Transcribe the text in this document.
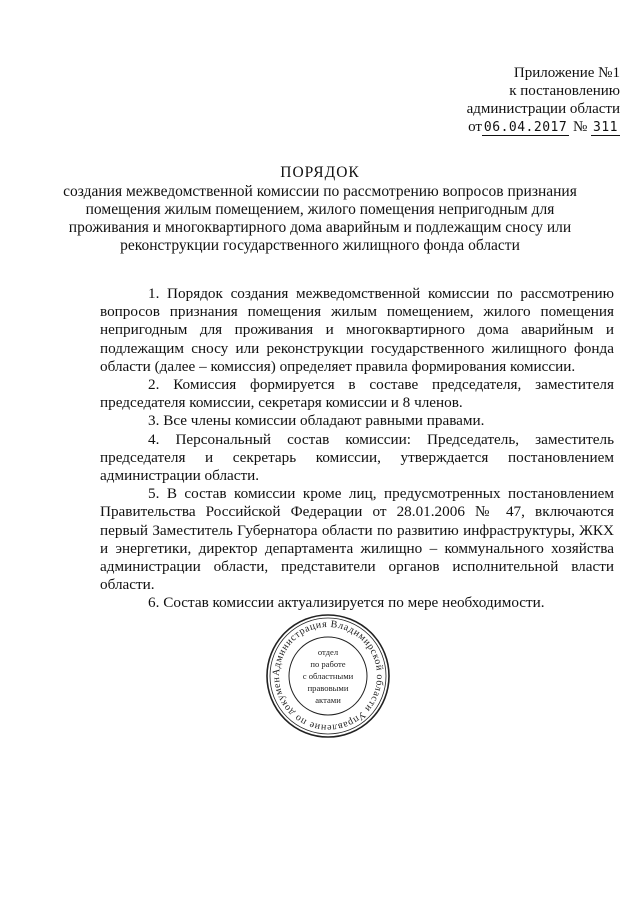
Приложение №1
к постановлению
администрации области
от 06.04.2017 № 311
ПОРЯДОК
создания межведомственной комиссии по рассмотрению вопросов признания помещения жилым помещением, жилого помещения непригодным для проживания и многоквартирного дома аварийным и подлежащим сносу или реконструкции государственного жилищного фонда области

1. Порядок создания межведомственной комиссии по рассмотрению вопросов признания помещения жилым помещением, жилого помещения непригодным для проживания и многоквартирного дома аварийным и подлежащим сносу или реконструкции государственного жилищного фонда области (далее – комиссия) определяет правила формирования комиссии.

2. Комиссия формируется в составе председателя, заместителя председателя комиссии, секретаря комиссии и 8 членов.

3. Все члены комиссии обладают равными правами.

4. Персональный состав комиссии: Председатель, заместитель председателя и секретарь комиссии, утверждается постановлением администрации области.

5. В состав комиссии кроме лиц, предусмотренных постановлением Правительства Российской Федерации от 28.01.2006 № 47, включаются первый Заместитель Губернатора области по развитию инфраструктуры, ЖКХ и энергетики, директор департамента жилищно – коммунального хозяйства администрации области, представители органов исполнительной власти области.

6. Состав комиссии актуализируется по мере необходимости.

Администрация Владимирской области Управление по докумен
отдел
по работе
с областными
правовыми
актами
